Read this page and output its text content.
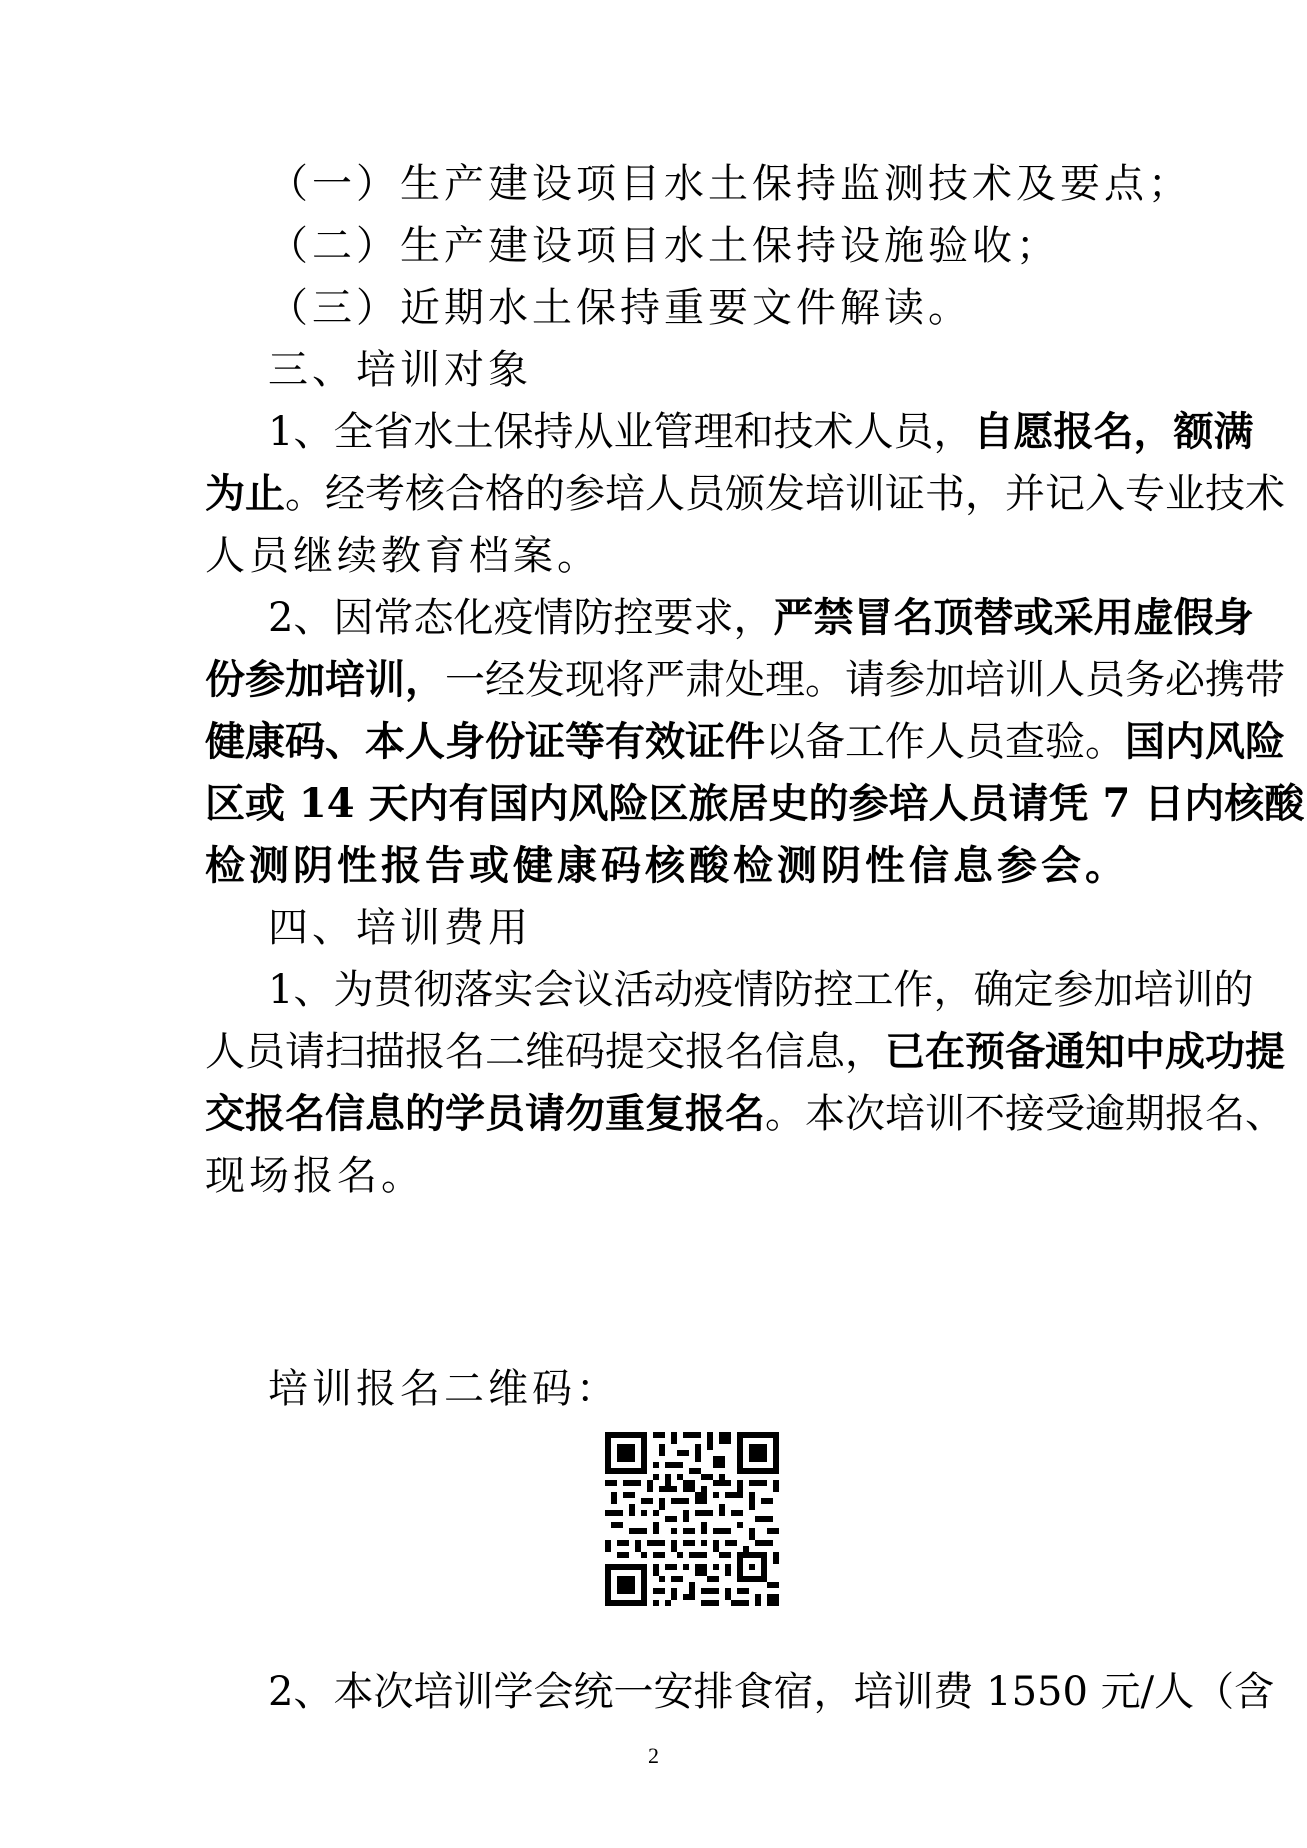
（一）生产建设项目水土保持监测技术及要点；
（二）生产建设项目水土保持设施验收；
（三）近期水土保持重要文件解读。
三、培训对象
1、全省水土保持从业管理和技术人员，自愿报名，额满
为止。经考核合格的参培人员颁发培训证书，并记入专业技术
人员继续教育档案。
2、因常态化疫情防控要求，严禁冒名顶替或采用虚假身
份参加培训，一经发现将严肃处理。请参加培训人员务必携带
健康码、本人身份证等有效证件以备工作人员查验。国内风险
区或 14 天内有国内风险区旅居史的参培人员请凭 7 日内核酸
检测阴性报告或健康码核酸检测阴性信息参会。
四、培训费用
1、为贯彻落实会议活动疫情防控工作，确定参加培训的
人员请扫描报名二维码提交报名信息，已在预备通知中成功提
交报名信息的学员请勿重复报名。本次培训不接受逾期报名、
现场报名。
培训报名二维码：
2、本次培训学会统一安排食宿，培训费 1550 元/人（含
2
